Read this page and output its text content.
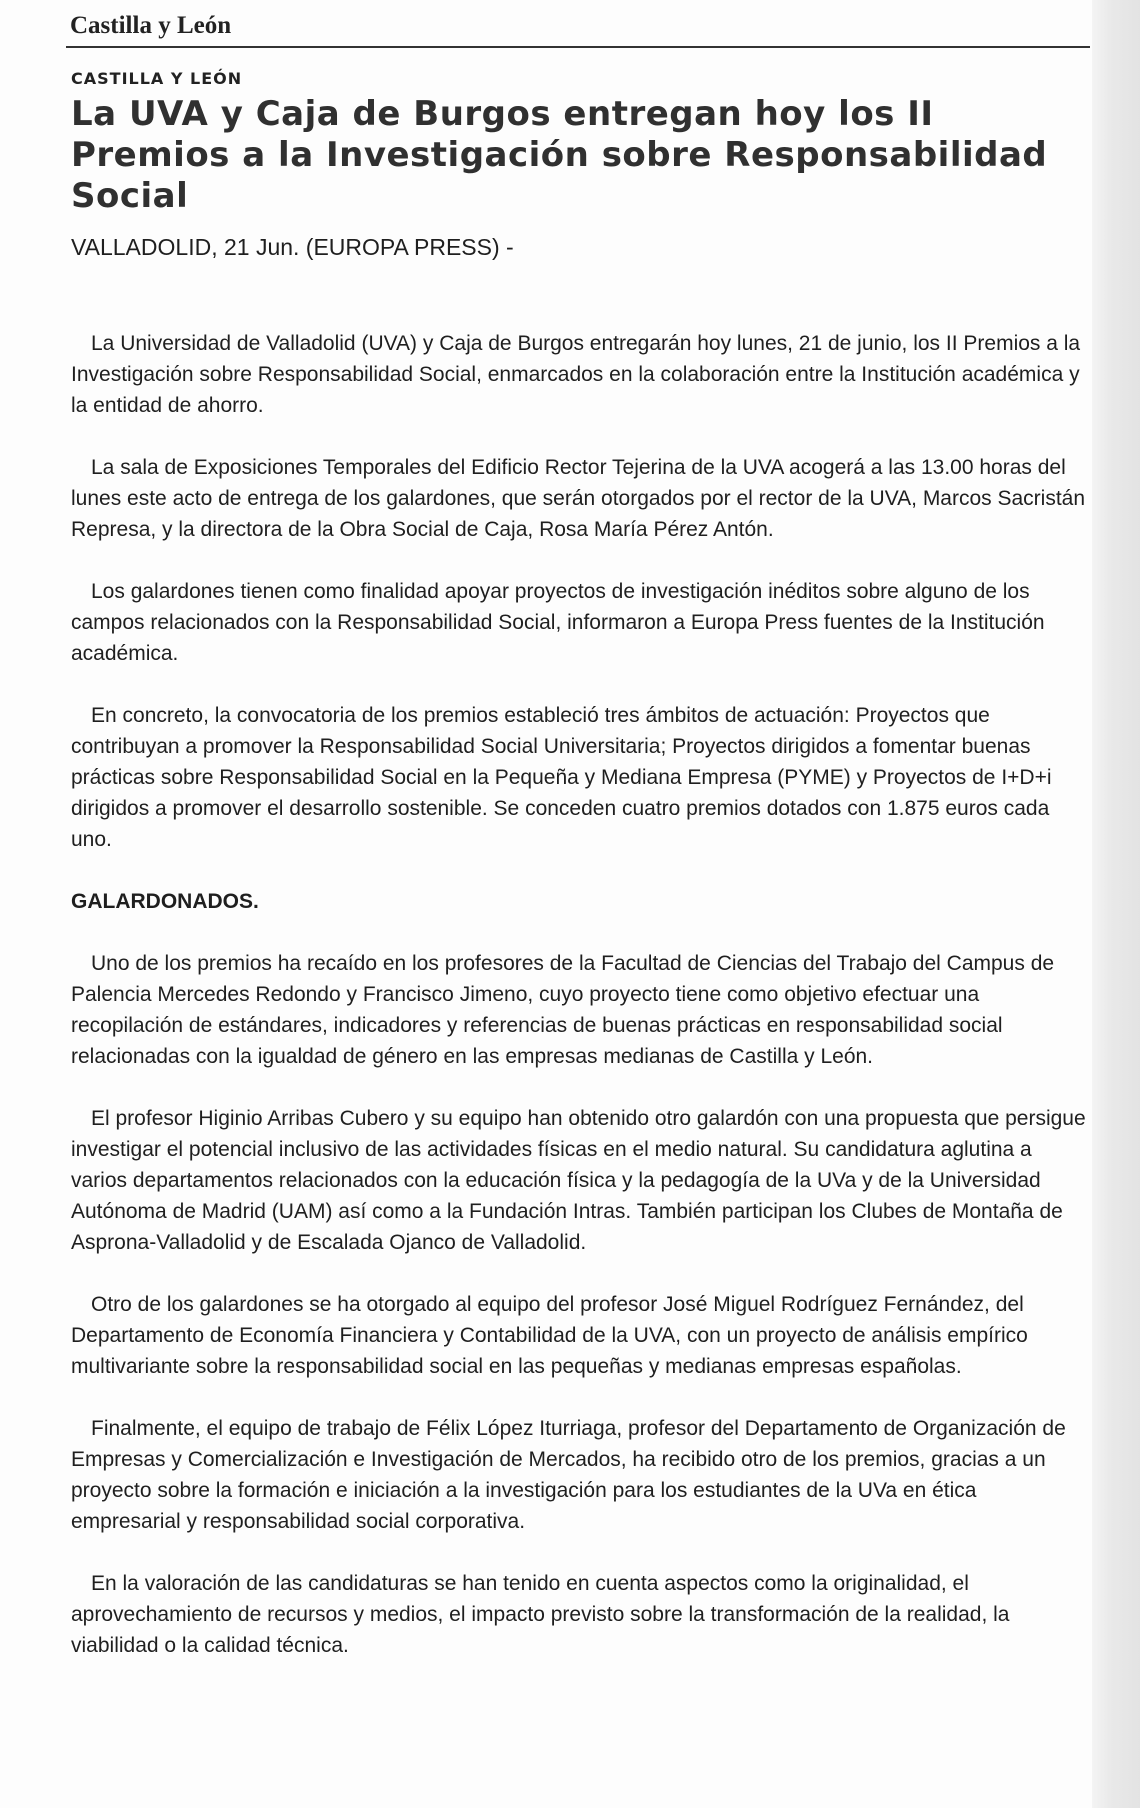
Castilla y León
CASTILLA Y LEÓN
La UVA y Caja de Burgos entregan hoy los II Premios a la Investigación sobre Responsabilidad Social
VALLADOLID, 21 Jun. (EUROPA PRESS) -

La Universidad de Valladolid (UVA) y Caja de Burgos entregarán hoy lunes, 21 de junio, los II Premios a la Investigación sobre Responsabilidad Social, enmarcados en la colaboración entre la Institución académica y la entidad de ahorro.

La sala de Exposiciones Temporales del Edificio Rector Tejerina de la UVA acogerá a las 13.00 horas del lunes este acto de entrega de los galardones, que serán otorgados por el rector de la UVA, Marcos Sacristán Represa, y la directora de la Obra Social de Caja, Rosa María Pérez Antón.

Los galardones tienen como finalidad apoyar proyectos de investigación inéditos sobre alguno de los campos relacionados con la Responsabilidad Social, informaron a Europa Press fuentes de la Institución académica.

En concreto, la convocatoria de los premios estableció tres ámbitos de actuación: Proyectos que contribuyan a promover la Responsabilidad Social Universitaria; Proyectos dirigidos a fomentar buenas prácticas sobre Responsabilidad Social en la Pequeña y Mediana Empresa (PYME) y Proyectos de I+D+i dirigidos a promover el desarrollo sostenible. Se conceden cuatro premios dotados con 1.875 euros cada uno.

GALARDONADOS.

Uno de los premios ha recaído en los profesores de la Facultad de Ciencias del Trabajo del Campus de Palencia Mercedes Redondo y Francisco Jimeno, cuyo proyecto tiene como objetivo efectuar una recopilación de estándares, indicadores y referencias de buenas prácticas en responsabilidad social relacionadas con la igualdad de género en las empresas medianas de Castilla y León.

El profesor Higinio Arribas Cubero y su equipo han obtenido otro galardón con una propuesta que persigue investigar el potencial inclusivo de las actividades físicas en el medio natural. Su candidatura aglutina a varios departamentos relacionados con la educación física y la pedagogía de la UVa y de la Universidad Autónoma de Madrid (UAM) así como a la Fundación Intras. También participan los Clubes de Montaña de Asprona-Valladolid y de Escalada Ojanco de Valladolid.

Otro de los galardones se ha otorgado al equipo del profesor José Miguel Rodríguez Fernández, del Departamento de Economía Financiera y Contabilidad de la UVA, con un proyecto de análisis empírico multivariante sobre la responsabilidad social en las pequeñas y medianas empresas españolas.

Finalmente, el equipo de trabajo de Félix López Iturriaga, profesor del Departamento de Organización de Empresas y Comercialización e Investigación de Mercados, ha recibido otro de los premios, gracias a un proyecto sobre la formación e iniciación a la investigación para los estudiantes de la UVa en ética empresarial y responsabilidad social corporativa.

En la valoración de las candidaturas se han tenido en cuenta aspectos como la originalidad, el aprovechamiento de recursos y medios, el impacto previsto sobre la transformación de la realidad, la viabilidad o la calidad técnica.
